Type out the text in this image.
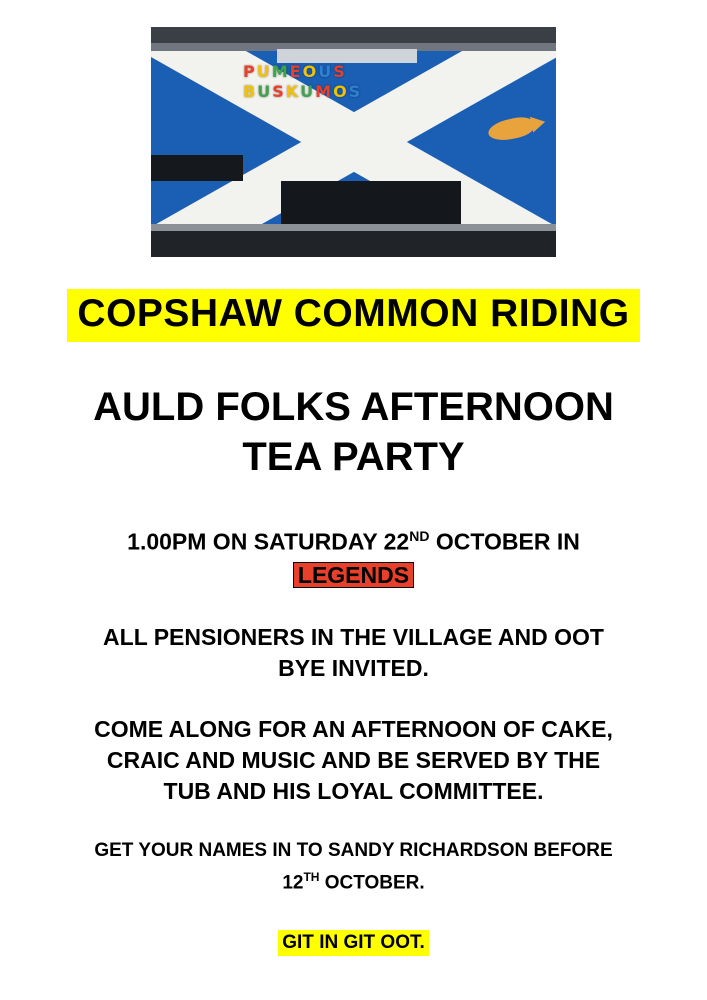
P U M E O U S
B U S K U M O S
COPSHAW COMMON RIDING
AULD FOLKS AFTERNOON
TEA PARTY
1.00PM ON SATURDAY 22ND OCTOBER IN
LEGENDS
ALL PENSIONERS IN THE VILLAGE AND OOT
BYE INVITED.
COME ALONG FOR AN AFTERNOON OF CAKE,
CRAIC AND MUSIC AND BE SERVED BY THE
TUB AND HIS LOYAL COMMITTEE.
GET YOUR NAMES IN TO SANDY RICHARDSON BEFORE
12TH OCTOBER.
GIT IN GIT OOT.
